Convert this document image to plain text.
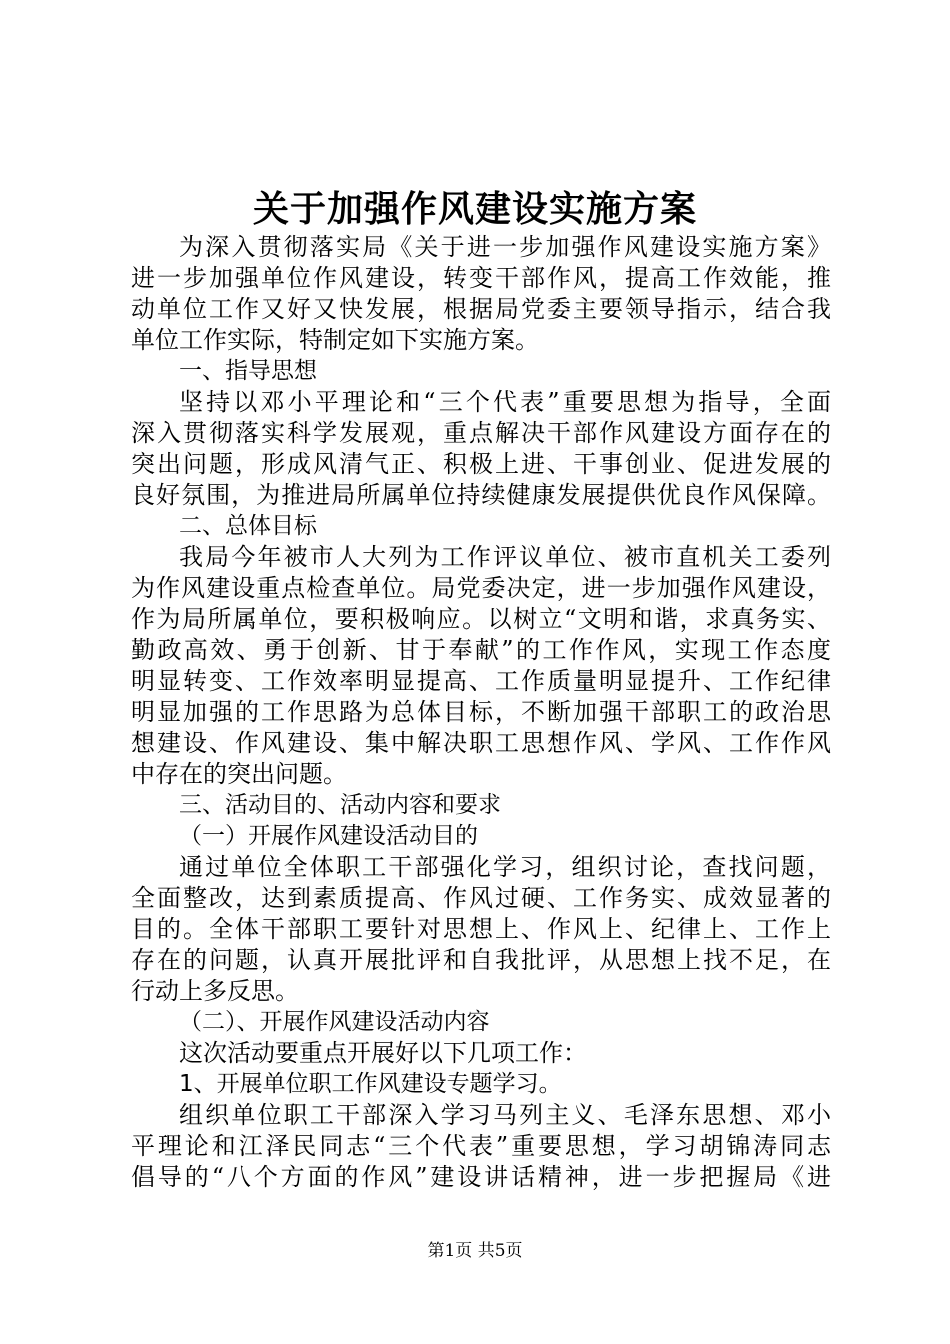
关于加强作风建设实施方案
为深入贯彻落实局《关于进一步加强作风建设实施方案》
进一步加强单位作风建设，转变干部作风，提高工作效能，推
动单位工作又好又快发展，根据局党委主要领导指示，结合我
单位工作实际，特制定如下实施方案。
一、指导思想
坚持以邓小平理论和“三个代表”重要思想为指导，全面
深入贯彻落实科学发展观，重点解决干部作风建设方面存在的
突出问题，形成风清气正、积极上进、干事创业、促进发展的
良好氛围，为推进局所属单位持续健康发展提供优良作风保障。
二、总体目标
我局今年被市人大列为工作评议单位、被市直机关工委列
为作风建设重点检查单位。局党委决定，进一步加强作风建设，
作为局所属单位，要积极响应。以树立“文明和谐，求真务实、
勤政高效、勇于创新、甘于奉献”的工作作风，实现工作态度
明显转变、工作效率明显提高、工作质量明显提升、工作纪律
明显加强的工作思路为总体目标，不断加强干部职工的政治思
想建设、作风建设、集中解决职工思想作风、学风、工作作风
中存在的突出问题。
三、活动目的、活动内容和要求
（一）开展作风建设活动目的
通过单位全体职工干部强化学习，组织讨论，查找问题，
全面整改，达到素质提高、作风过硬、工作务实、成效显著的
目的。全体干部职工要针对思想上、作风上、纪律上、工作上
存在的问题，认真开展批评和自我批评，从思想上找不足，在
行动上多反思。
（二）、开展作风建设活动内容
这次活动要重点开展好以下几项工作：
1、开展单位职工作风建设专题学习。
组织单位职工干部深入学习马列主义、毛泽东思想、邓小
平理论和江泽民同志“三个代表”重要思想，学习胡锦涛同志
倡导的“八个方面的作风”建设讲话精神，进一步把握局《进
第1页 共5页
